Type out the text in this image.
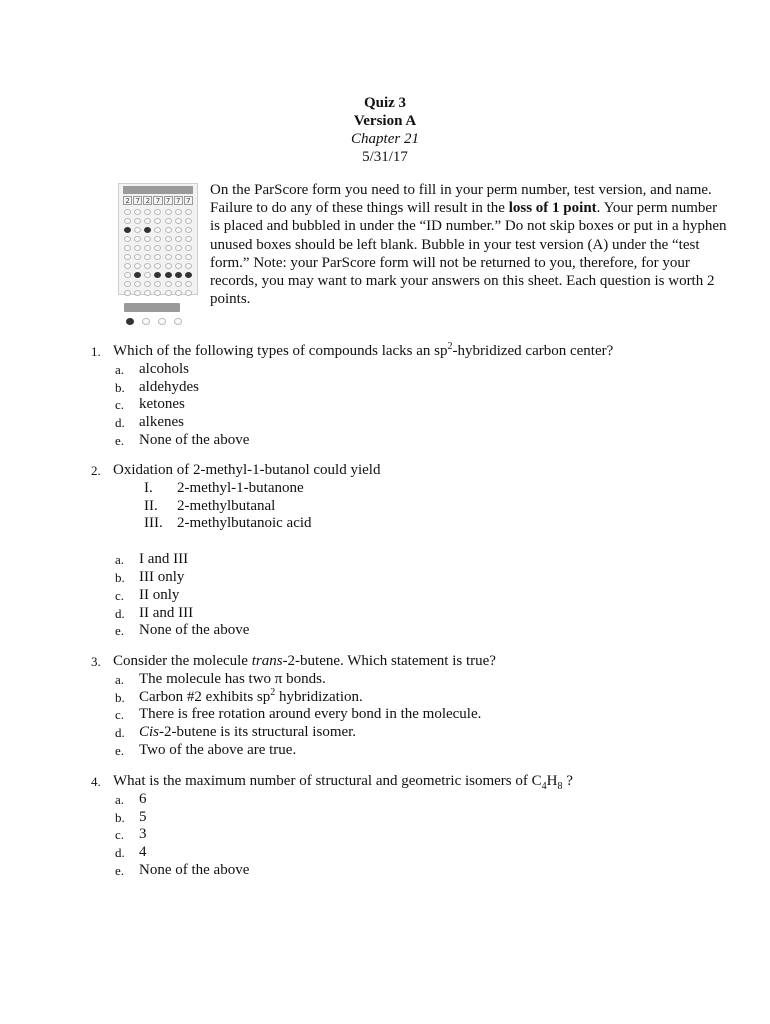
Quiz 3
Version A
Chapter 21
5/31/17
2 7 2 7 7 7 7
On the ParScore form you need to fill in your perm number, test version, and name. Failure to do any of these things will result in the loss of 1 point. Your perm number is placed and bubbled in under the “ID number.” Do not skip boxes or put in a hyphen unused boxes should be left blank. Bubble in your test version (A) under the “test form.” Note: your ParScore form will not be returned to you, therefore, for your records, you may want to mark your answers on this sheet. Each question is worth 2 points.
1. Which of the following types of compounds lacks an $sp^2$-hybridized carbon center?
a. alcohols
b. aldehydes
c. ketones
d. alkenes
e. None of the above
2. Oxidation of 2-methyl-1-butanol could yield
I.	2-methyl-1-butanone
II.	2-methylbutanal
III. 2-methylbutanoic acid
a. I and III
b. III only
c. II only
d. II and III
e. None of the above
3. Consider the molecule trans-2-butene. Which statement is true?
a. The molecule has two π bonds.
b. Carbon #2 exhibits $sp^2$ hybridization.
c. There is free rotation around every bond in the molecule.
d. Cis-2-butene is its structural isomer.
e. Two of the above are true.
4. What is the maximum number of structural and geometric isomers of $C_4H_8$ ?
a. 6
b. 5
c. 3
d. 4
e. None of the above
